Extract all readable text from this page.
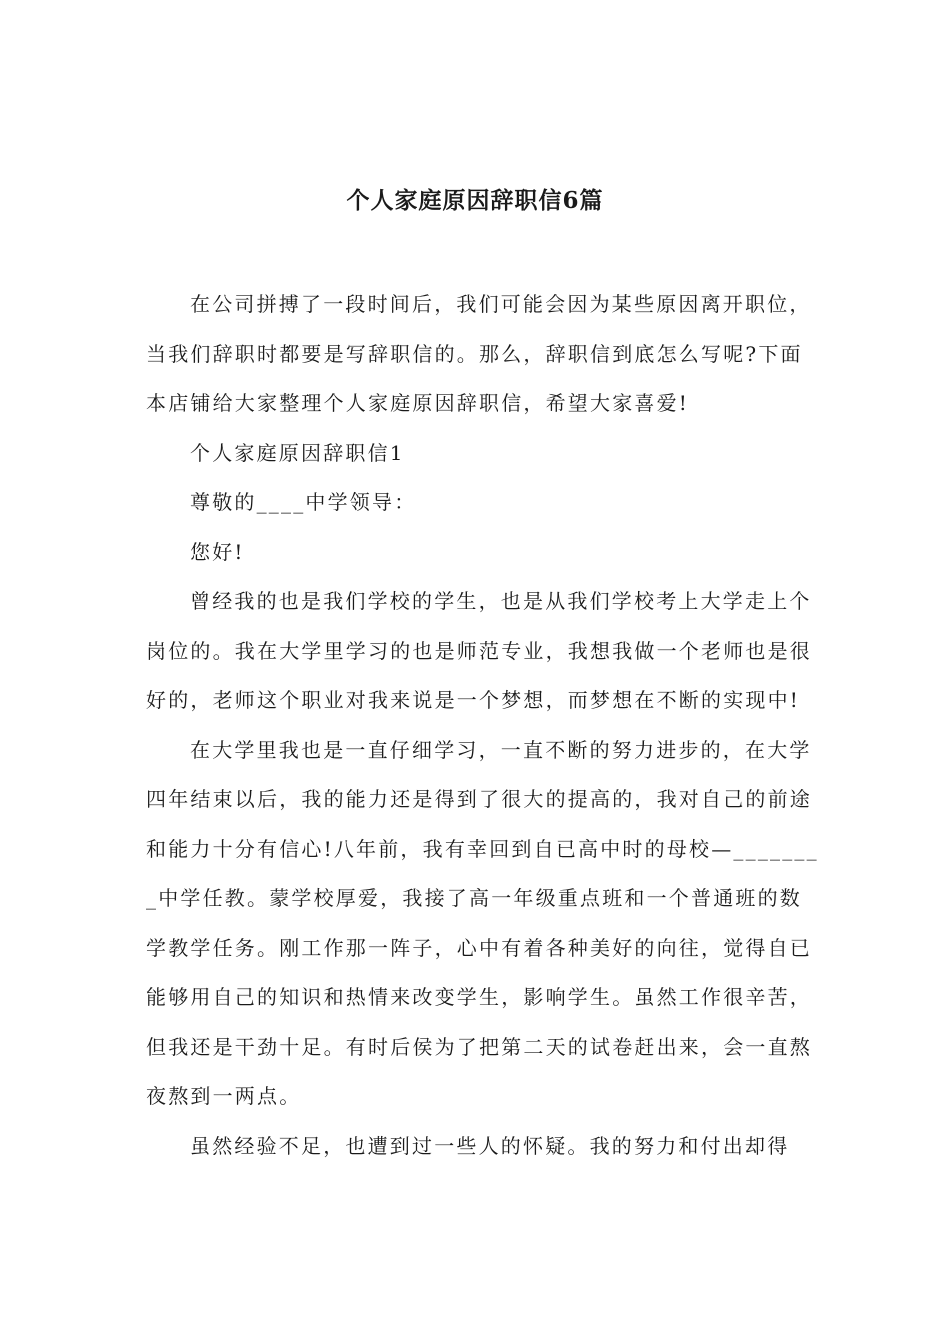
个人家庭原因辞职信6篇

在公司拼搏了一段时间后，我们可能会因为某些原因离开职位，当我们辞职时都要是写辞职信的。那么，辞职信到底怎么写呢?下面本店铺给大家整理个人家庭原因辞职信，希望大家喜爱!

个人家庭原因辞职信1

尊敬的____中学领导：

您好!

曾经我的也是我们学校的学生，也是从我们学校考上大学走上个岗位的。我在大学里学习的也是师范专业，我想我做一个老师也是很好的，老师这个职业对我来说是一个梦想，而梦想在不断的实现中!

在大学里我也是一直仔细学习，一直不断的努力进步的，在大学四年结束以后，我的能力还是得到了很大的提高的，我对自己的前途和能力十分有信心!八年前，我有幸回到自已高中时的母校—________中学任教。蒙学校厚爱，我接了高一年级重点班和一个普通班的数学教学任务。刚工作那一阵子，心中有着各种美好的向往，觉得自已能够用自己的知识和热情来改变学生，影响学生。虽然工作很辛苦，但我还是干劲十足。有时后侯为了把第二天的试卷赶出来，会一直熬夜熬到一两点。

虽然经验不足，也遭到过一些人的怀疑。我的努力和付出却得
